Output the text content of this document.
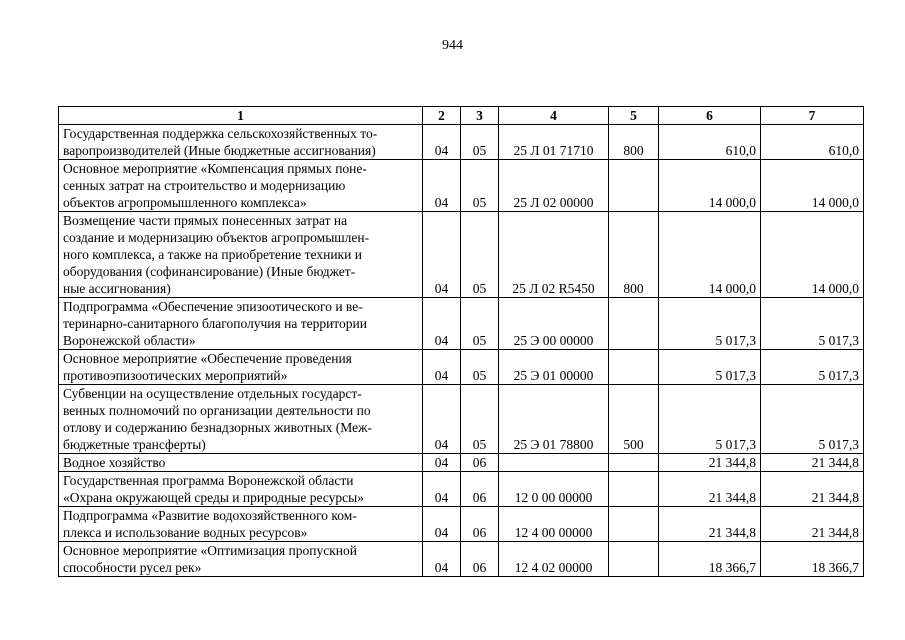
944
1	2	3	4	5	6	7
Государственная поддержка сельскохозяйственных то-
варопроизводителей (Иные бюджетные ассигнования)	04	05	25 Л 01 71710	800	610,0	610,0
Основное мероприятие «Компенсация прямых поне-
сенных затрат на строительство и модернизацию
объектов агропромышленного комплекса»	04	05	25 Л 02 00000		14 000,0	14 000,0
Возмещение части прямых понесенных затрат на
создание и модернизацию объектов агропромышлен-
ного комплекса, а также на приобретение техники и
оборудования (софинансирование) (Иные бюджет-
ные ассигнования)	04	05	25 Л 02 R5450	800	14 000,0	14 000,0
Подпрограмма «Обеспечение эпизоотического и ве-
теринарно-санитарного благополучия на территории
Воронежской области»	04	05	25 Э 00 00000		5 017,3	5 017,3
Основное мероприятие «Обеспечение проведения
противоэпизоотических мероприятий»	04	05	25 Э 01 00000		5 017,3	5 017,3
Субвенции на осуществление отдельных государст-
венных полномочий по организации деятельности по
отлову и содержанию безнадзорных животных (Меж-
бюджетные трансферты)	04	05	25 Э 01 78800	500	5 017,3	5 017,3
Водное хозяйство	04	06			21 344,8	21 344,8
Государственная программа Воронежской области
«Охрана окружающей среды и природные ресурсы»	04	06	12 0 00 00000		21 344,8	21 344,8
Подпрограмма «Развитие водохозяйственного ком-
плекса и использование водных ресурсов»	04	06	12 4 00 00000		21 344,8	21 344,8
Основное мероприятие «Оптимизация пропускной
способности русел рек»	04	06	12 4 02 00000		18 366,7	18 366,7
